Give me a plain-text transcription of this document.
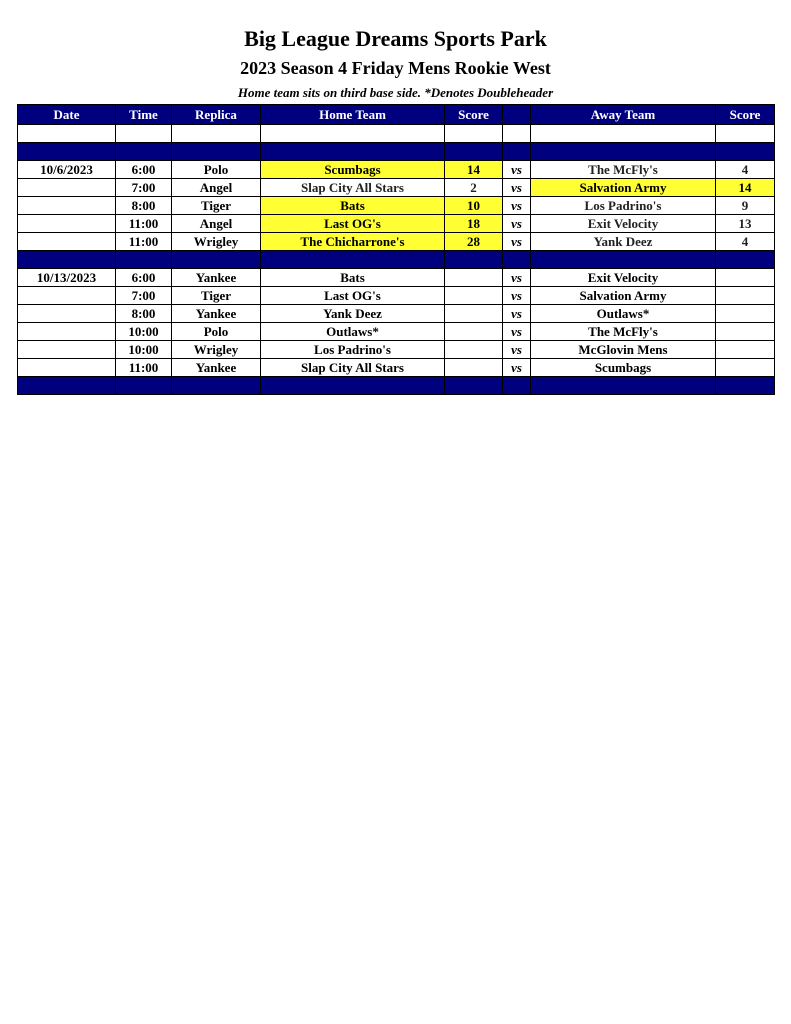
Big League Dreams Sports Park
2023 Season 4 Friday Mens Rookie West
Home team sits on third base side. *Denotes Doubleheader
Date	Time	Replica	Home Team	Score		Away Team	Score

10/6/2023	6:00	Polo	Scumbags	14	vs	The McFly's	4
	7:00	Angel	Slap City All Stars	2	vs	Salvation Army	14
	8:00	Tiger	Bats	10	vs	Los Padrino's	9
	11:00	Angel	Last OG's	18	vs	Exit Velocity	13
	11:00	Wrigley	The Chicharrone's	28	vs	Yank Deez	4

10/13/2023	6:00	Yankee	Bats		vs	Exit Velocity	
	7:00	Tiger	Last OG's		vs	Salvation Army	
	8:00	Yankee	Yank Deez		vs	Outlaws*	
	10:00	Polo	Outlaws*		vs	The McFly's	
	10:00	Wrigley	Los Padrino's		vs	McGlovin Mens	
	11:00	Yankee	Slap City All Stars		vs	Scumbags	
